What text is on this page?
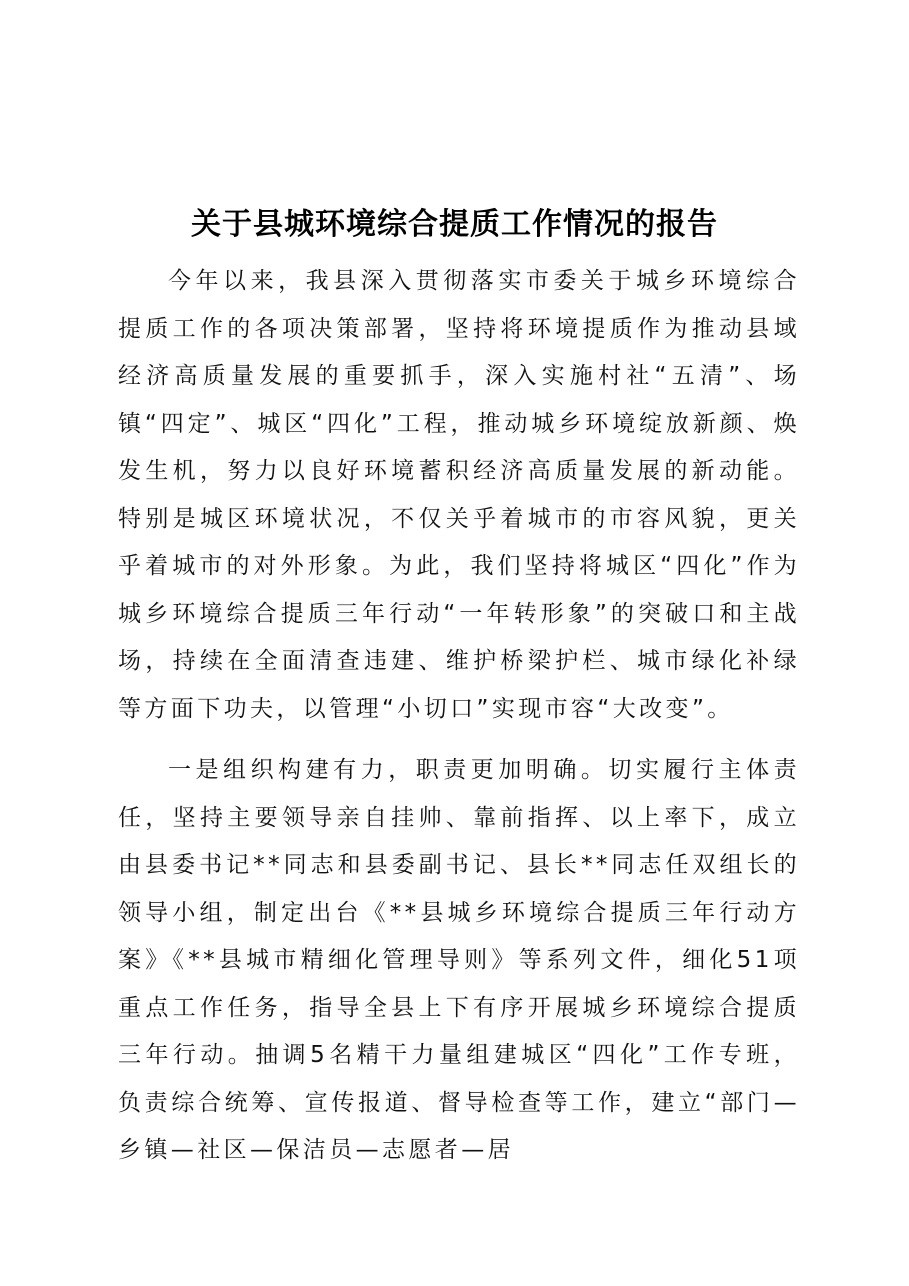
关于县城环境综合提质工作情况的报告

今年以来，我县深入贯彻落实市委关于城乡环境综合提质工作的各项决策部署，坚持将环境提质作为推动县域经济高质量发展的重要抓手，深入实施村社“五清”、场镇“四定”、城区“四化”工程，推动城乡环境绽放新颜、焕发生机，努力以良好环境蓄积经济高质量发展的新动能。特别是城区环境状况，不仅关乎着城市的市容风貌，更关乎着城市的对外形象。为此，我们坚持将城区“四化”作为城乡环境综合提质三年行动“一年转形象”的突破口和主战场，持续在全面清查违建、维护桥梁护栏、城市绿化补绿等方面下功夫，以管理“小切口”实现市容“大改变”。

一是组织构建有力，职责更加明确。切实履行主体责任，坚持主要领导亲自挂帅、靠前指挥、以上率下，成立由县委书记**同志和县委副书记、县长**同志任双组长的领导小组，制定出台《**县城乡环境综合提质三年行动方案》《**县城市精细化管理导则》等系列文件，细化51项重点工作任务，指导全县上下有序开展城乡环境综合提质三年行动。抽调5名精干力量组建城区“四化”工作专班，负责综合统筹、宣传报道、督导检查等工作，建立“部门—乡镇—社区—保洁员—志愿者—居
